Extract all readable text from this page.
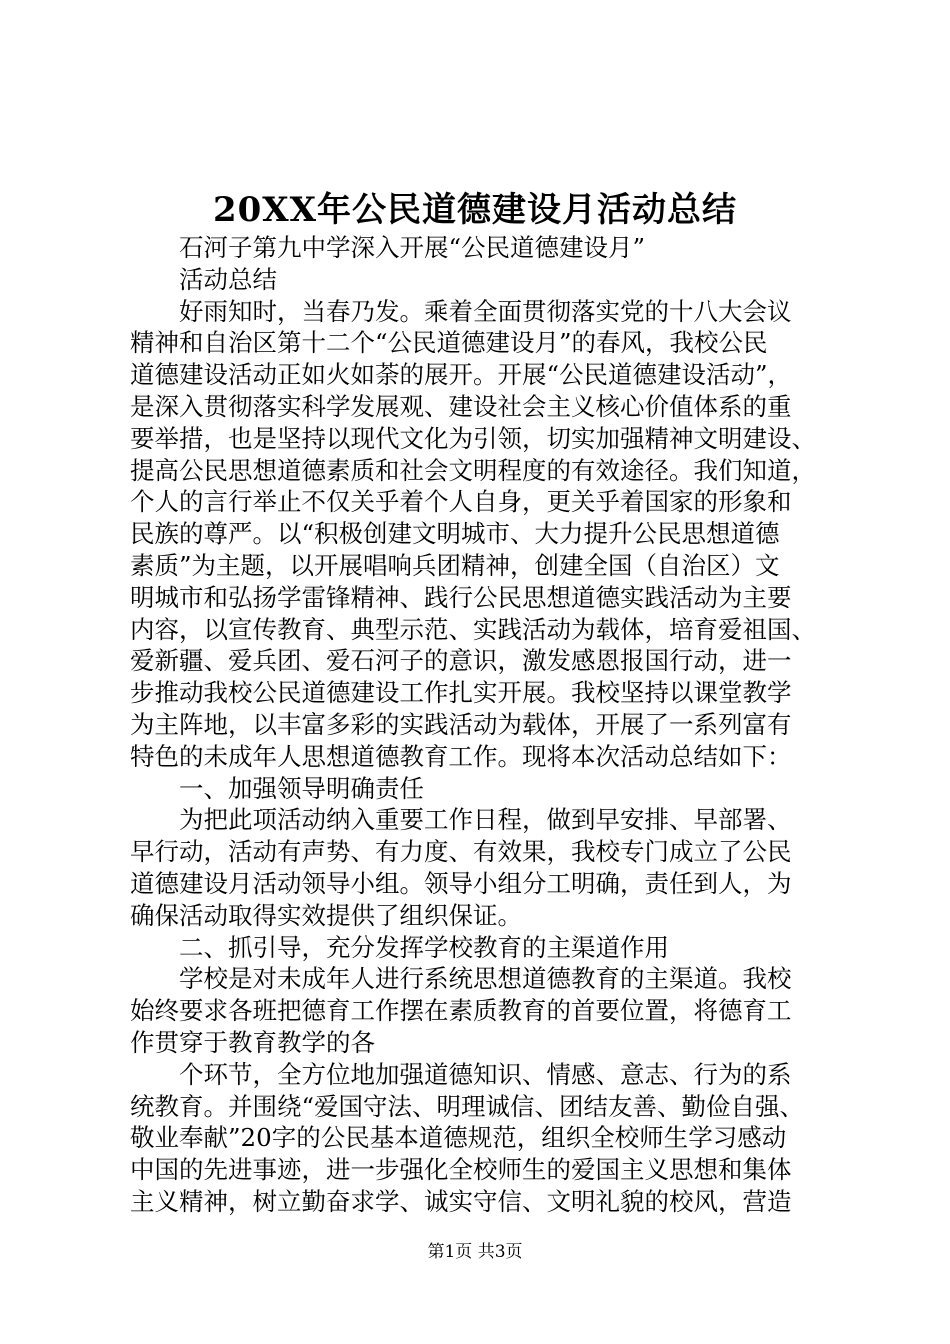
20XX年公民道德建设月活动总结
石河子第九中学深入开展“公民道德建设月”
活动总结
好雨知时，当春乃发。乘着全面贯彻落实党的十八大会议
精神和自治区第十二个“公民道德建设月”的春风，我校公民
道德建设活动正如火如荼的展开。开展“公民道德建设活动”，
是深入贯彻落实科学发展观、建设社会主义核心价值体系的重
要举措，也是坚持以现代文化为引领，切实加强精神文明建设、
提高公民思想道德素质和社会文明程度的有效途径。我们知道，
个人的言行举止不仅关乎着个人自身，更关乎着国家的形象和
民族的尊严。以“积极创建文明城市、大力提升公民思想道德
素质”为主题，以开展唱响兵团精神，创建全国（自治区）文
明城市和弘扬学雷锋精神、践行公民思想道德实践活动为主要
内容，以宣传教育、典型示范、实践活动为载体，培育爱祖国、
爱新疆、爱兵团、爱石河子的意识，激发感恩报国行动，进一
步推动我校公民道德建设工作扎实开展。我校坚持以课堂教学
为主阵地，以丰富多彩的实践活动为载体，开展了一系列富有
特色的未成年人思想道德教育工作。现将本次活动总结如下：
一、加强领导明确责任
为把此项活动纳入重要工作日程，做到早安排、早部署、
早行动，活动有声势、有力度、有效果，我校专门成立了公民
道德建设月活动领导小组。领导小组分工明确，责任到人，为
确保活动取得实效提供了组织保证。
二、抓引导，充分发挥学校教育的主渠道作用
学校是对未成年人进行系统思想道德教育的主渠道。我校
始终要求各班把德育工作摆在素质教育的首要位置，将德育工
作贯穿于教育教学的各
个环节，全方位地加强道德知识、情感、意志、行为的系
统教育。并围绕“爱国守法、明理诚信、团结友善、勤俭自强、
敬业奉献”20字的公民基本道德规范，组织全校师生学习感动
中国的先进事迹，进一步强化全校师生的爱国主义思想和集体
主义精神，树立勤奋求学、诚实守信、文明礼貌的校风，营造
第1页 共3页
